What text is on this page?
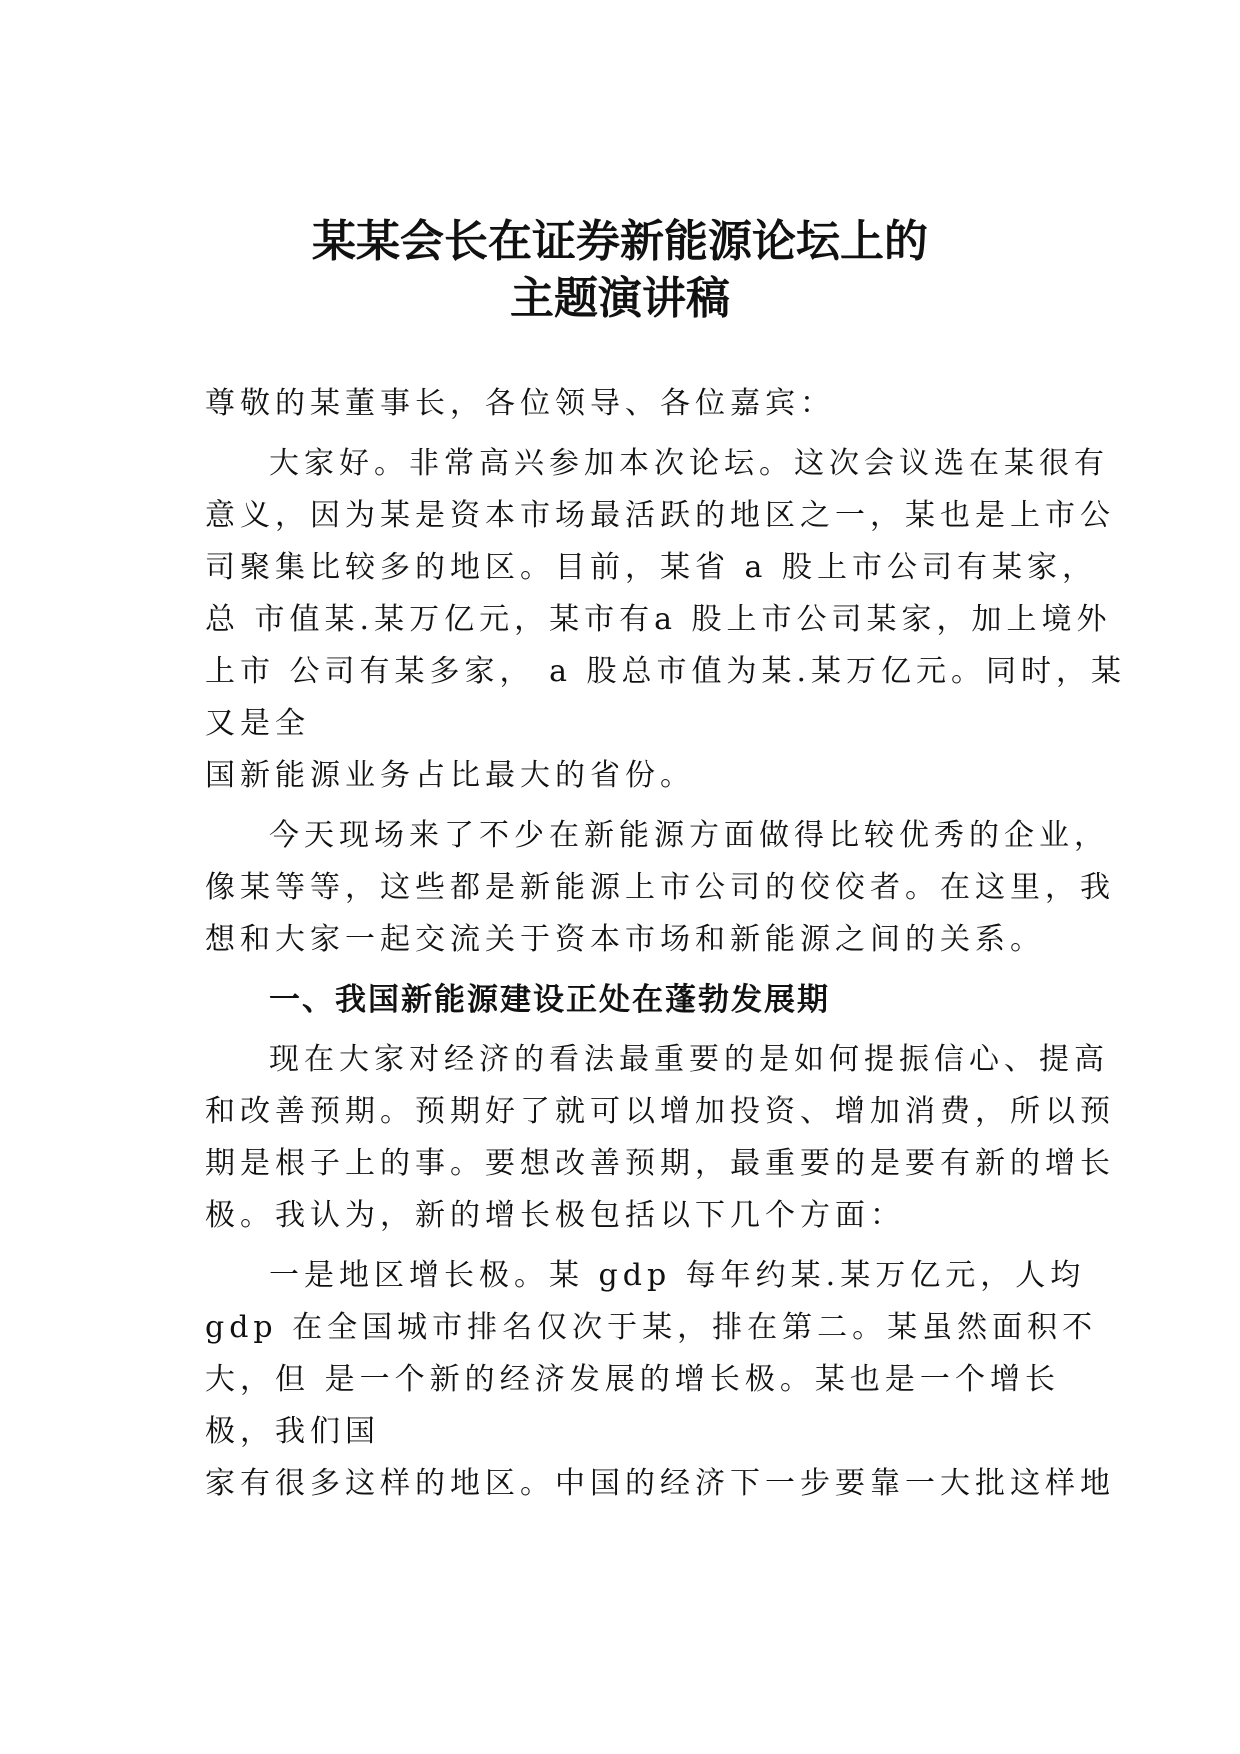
某某会长在证券新能源论坛上的
主题演讲稿
尊敬的某董事长，各位领导、各位嘉宾：
大家好。非常高兴参加本次论坛。这次会议选在某很有
意义，因为某是资本市场最活跃的地区之一，某也是上市公
司聚集比较多的地区。目前，某省 a 股上市公司有某家，
总 市值某.某万亿元，某市有a 股上市公司某家，加上境外
上市 公司有某多家， a 股总市值为某.某万亿元。同时，某
又是全
国新能源业务占比最大的省份。
今天现场来了不少在新能源方面做得比较优秀的企业，
像某等等，这些都是新能源上市公司的佼佼者。在这里，我
想和大家一起交流关于资本市场和新能源之间的关系。
一、我国新能源建设正处在蓬勃发展期
现在大家对经济的看法最重要的是如何提振信心、提高
和改善预期。预期好了就可以增加投资、增加消费，所以预
期是根子上的事。要想改善预期，最重要的是要有新的增长
极。我认为，新的增长极包括以下几个方面：
一是地区增长极。某 gdp 每年约某.某万亿元，人均
gdp 在全国城市排名仅次于某，排在第二。某虽然面积不
大，但 是一个新的经济发展的增长极。某也是一个增长
极，我们国
家有很多这样的地区。中国的经济下一步要靠一大批这样地
